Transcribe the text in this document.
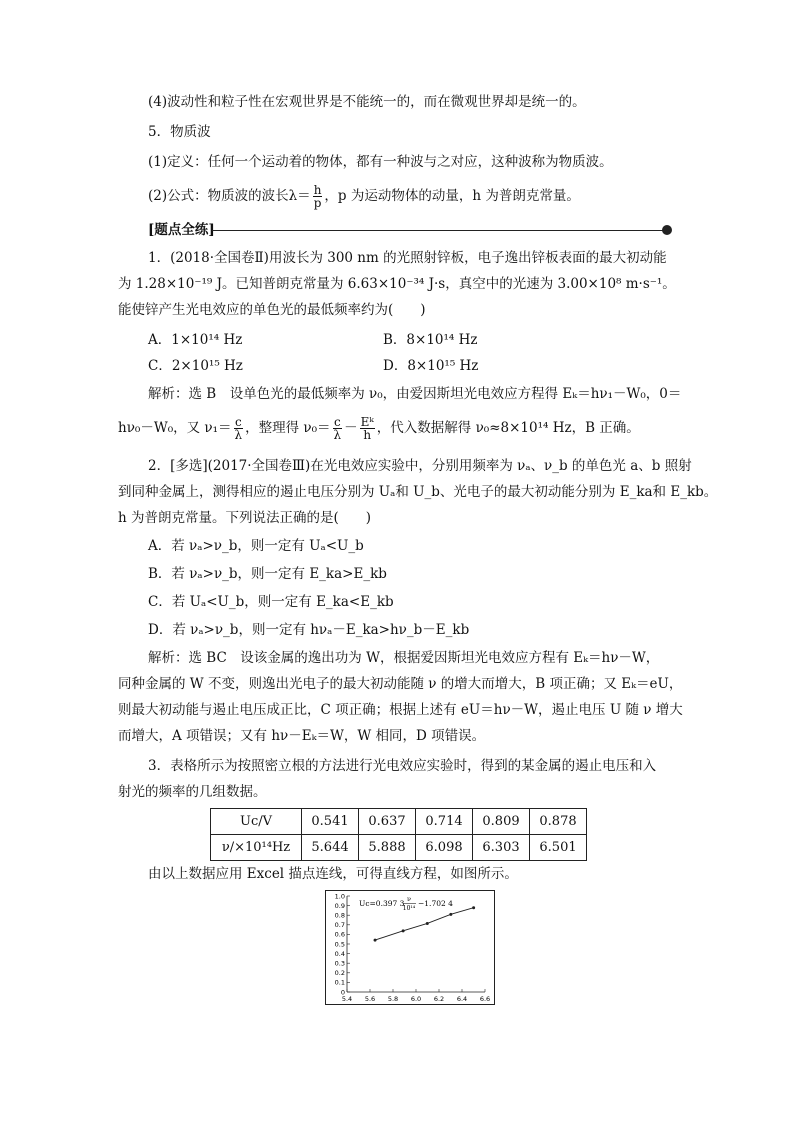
(4)波动性和粒子性在宏观世界是不能统一的，而在微观世界却是统一的。
5．物质波
(1)定义：任何一个运动着的物体，都有一种波与之对应，这种波称为物质波。
(2)公式：物质波的波长$\lambda= \frac{h}{p}$ ，p 为运动物体的动量，h 为普朗克常量。
[题点全练]
1．(2018·全国卷Ⅱ)用波长为 300 nm 的光照射锌板，电子逸出锌板表面的最大初动能
为 1.28×10⁻¹⁹ J。已知普朗克常量为 6.63×10⁻³⁴ J·s，真空中的光速为 3.00×10⁸ m·s⁻¹。
能使锌产生光电效应的单色光的最低频率约为(　　)
A．1×10¹⁴ Hz	B．8×10¹⁴ Hz
C．2×10¹⁵ Hz	D．8×10¹⁵ Hz
解析：选 B　设单色光的最低频率为 ν₀，由爱因斯坦光电效应方程得 Eₖ＝hν₁－W₀，0＝
hν₀－W₀，又 $\nu_1= \frac{c}{\lambda}$ ，整理得 $\nu_0= \frac{c}{\lambda} - \frac{\text{Eᵏ}}{h}$ ，代入数据解得 ν₀≈8×10¹⁴ Hz，B 正确。
2．[多选](2017·全国卷Ⅲ)在光电效应实验中，分别用频率为 νₐ、ν_b 的单色光 a、b 照射
到同种金属上，测得相应的遏止电压分别为 Uₐ和 U_b、光电子的最大初动能分别为 E_ka和 E_kb。
h 为普朗克常量。下列说法正确的是(　　)
A．若 νₐ>ν_b，则一定有 Uₐ<U_b
B．若 νₐ>ν_b，则一定有 E_ka>E_kb
C．若 Uₐ<U_b，则一定有 E_ka<E_kb
D．若 νₐ>ν_b，则一定有 hνₐ－E_ka>hν_b－E_kb
解析：选 BC　设该金属的逸出功为 W，根据爱因斯坦光电效应方程有 Eₖ＝hν－W，
同种金属的 W 不变，则逸出光电子的最大初动能随 ν 的增大而增大，B 项正确；又 Eₖ＝eU，
则最大初动能与遏止电压成正比，C 项正确；根据上述有 eU＝hν－W，遏止电压 U 随 ν 增大
而增大，A 项错误；又有 hν－Eₖ＝W，W 相同，D 项错误。
3．表格所示为按照密立根的方法进行光电效应实验时，得到的某金属的遏止电压和入
射光的频率的几组数据。
Uc/V	0.541	0.637	0.714	0.809	0.878
ν/×10¹⁴Hz	5.644	5.888	6.098	6.303	6.501
由以上数据应用 Excel 描点连线，可得直线方程，如图所示。
0
0.1
0.2
0.3
0.4
0.5
0.6
0.7
0.8
0.9
1.0
5.4 5.6 5.8 6.0 6.2 6.4 6.6
Uc=0.397 3 ν
10¹⁴
−1.702 4
